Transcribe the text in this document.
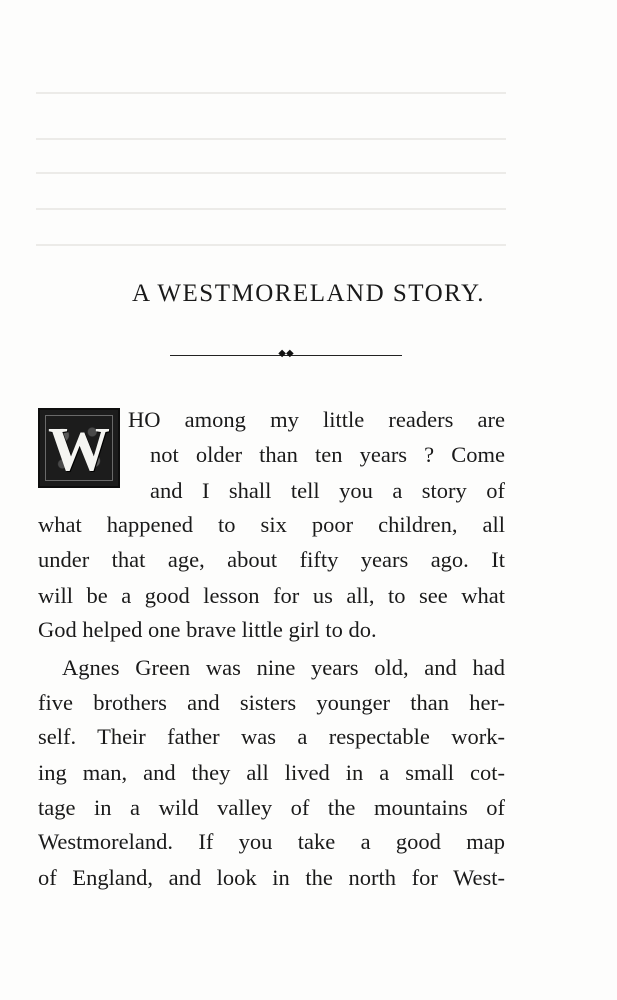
A WESTMORELAND STORY.
◆◆
W HO among my little readers are
not older than ten years ? Come
and I shall tell you a story of
what happened to six poor children, all
under that age, about fifty years ago. It
will be a good lesson for us all, to see what
God helped one brave little girl to do.
Agnes Green was nine years old, and had
five brothers and sisters younger than her-
self. Their father was a respectable work-
ing man, and they all lived in a small cot-
tage in a wild valley of the mountains of
Westmoreland. If you take a good map
of England, and look in the north for West-
